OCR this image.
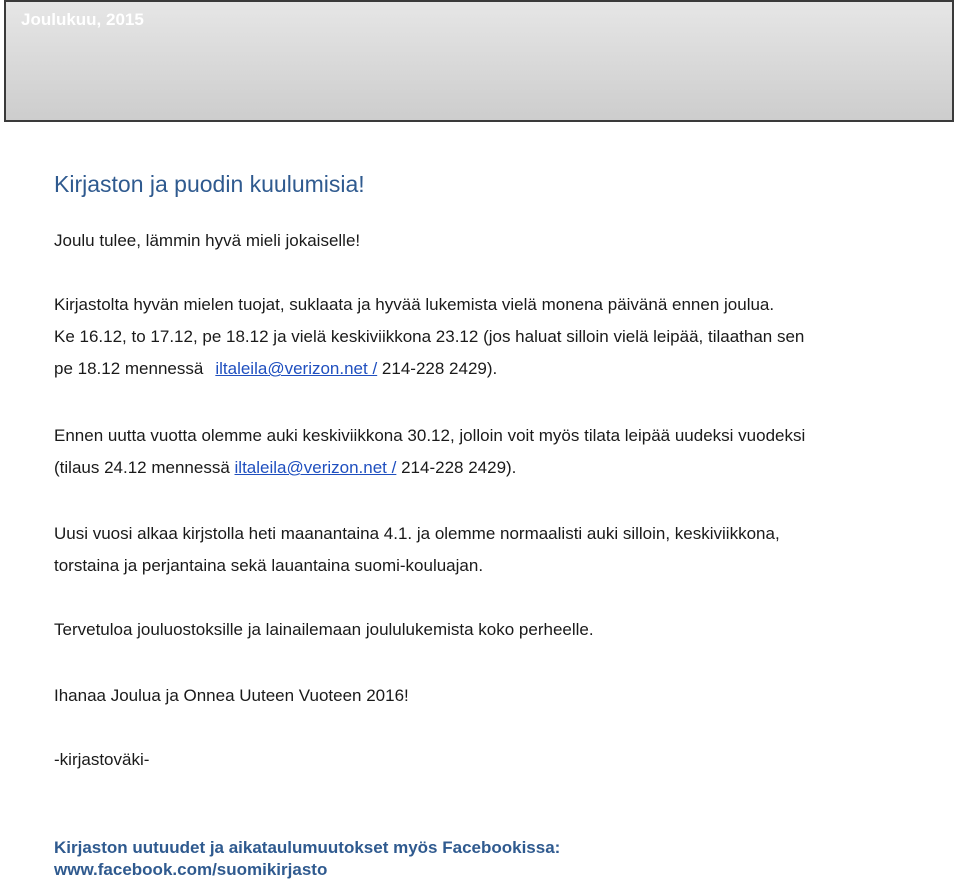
Joulukuu, 2015
Kirjaston ja puodin kuulumisia!
Joulu tulee, lämmin hyvä mieli jokaiselle!
Kirjastolta hyvän mielen tuojat, suklaata ja hyvää lukemista vielä monena päivänä ennen joulua.
Ke 16.12, to 17.12, pe 18.12 ja vielä keskiviikkona 23.12 (jos haluat silloin vielä leipää, tilaathan sen
pe 18.12 mennessä iltaleila@verizon.net / 214-228 2429).
Ennen uutta vuotta olemme auki keskiviikkona 30.12, jolloin voit myös tilata leipää uudeksi vuodeksi
(tilaus 24.12 mennessä iltaleila@verizon.net / 214-228 2429).
Uusi vuosi alkaa kirjstolla heti maanantaina 4.1. ja olemme normaalisti auki silloin, keskiviikkona,
torstaina ja perjantaina sekä lauantaina suomi-kouluajan.
Tervetuloa jouluostoksille ja lainailemaan joululukemista koko perheelle.
Ihanaa Joulua ja Onnea Uuteen Vuoteen 2016!
-kirjastoväki-
Kirjaston uutuudet ja aikataulumuutokset myös Facebookissa:
www.facebook.com/suomikirjasto
